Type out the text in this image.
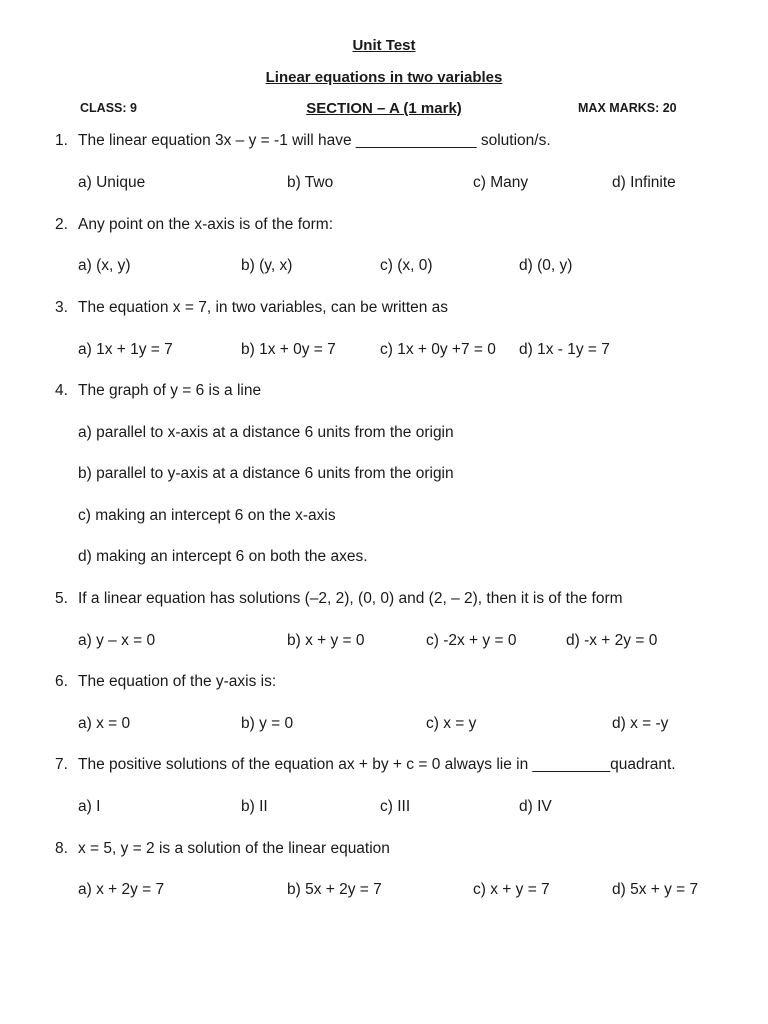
Unit Test
Linear equations in two variables
CLASS: 9	SECTION – A (1 mark)	MAX MARKS: 20
1. The linear equation 3x – y = -1 will have ______________ solution/s.
a) Unique	b) Two	c) Many	d) Infinite
2. Any point on the x-axis is of the form:
a) (x, y)	b) (y, x)	c) (x, 0)	d) (0, y)
3. The equation x = 7, in two variables, can be written as
a) 1x + 1y = 7	b) 1x + 0y = 7	c) 1x + 0y +7 = 0 d) 1x - 1y = 7
4. The graph of y = 6 is a line
a) parallel to x-axis at a distance 6 units from the origin
b) parallel to y-axis at a distance 6 units from the origin
c) making an intercept 6 on the x-axis
d) making an intercept 6 on both the axes.
5. If a linear equation has solutions (–2, 2), (0, 0) and (2, – 2), then it is of the form
a) y – x = 0	b) x + y = 0	c) -2x + y = 0	d) -x + 2y = 0
6. The equation of the y-axis is:
a) x = 0	b) y = 0	c) x = y	d) x = -y
7. The positive solutions of the equation ax + by + c = 0 always lie in _________quadrant.
a) I	b) II	c) III	d) IV
8. x = 5, y = 2 is a solution of the linear equation
a) x + 2y = 7	b) 5x + 2y = 7	c) x + y = 7	d) 5x + y = 7
